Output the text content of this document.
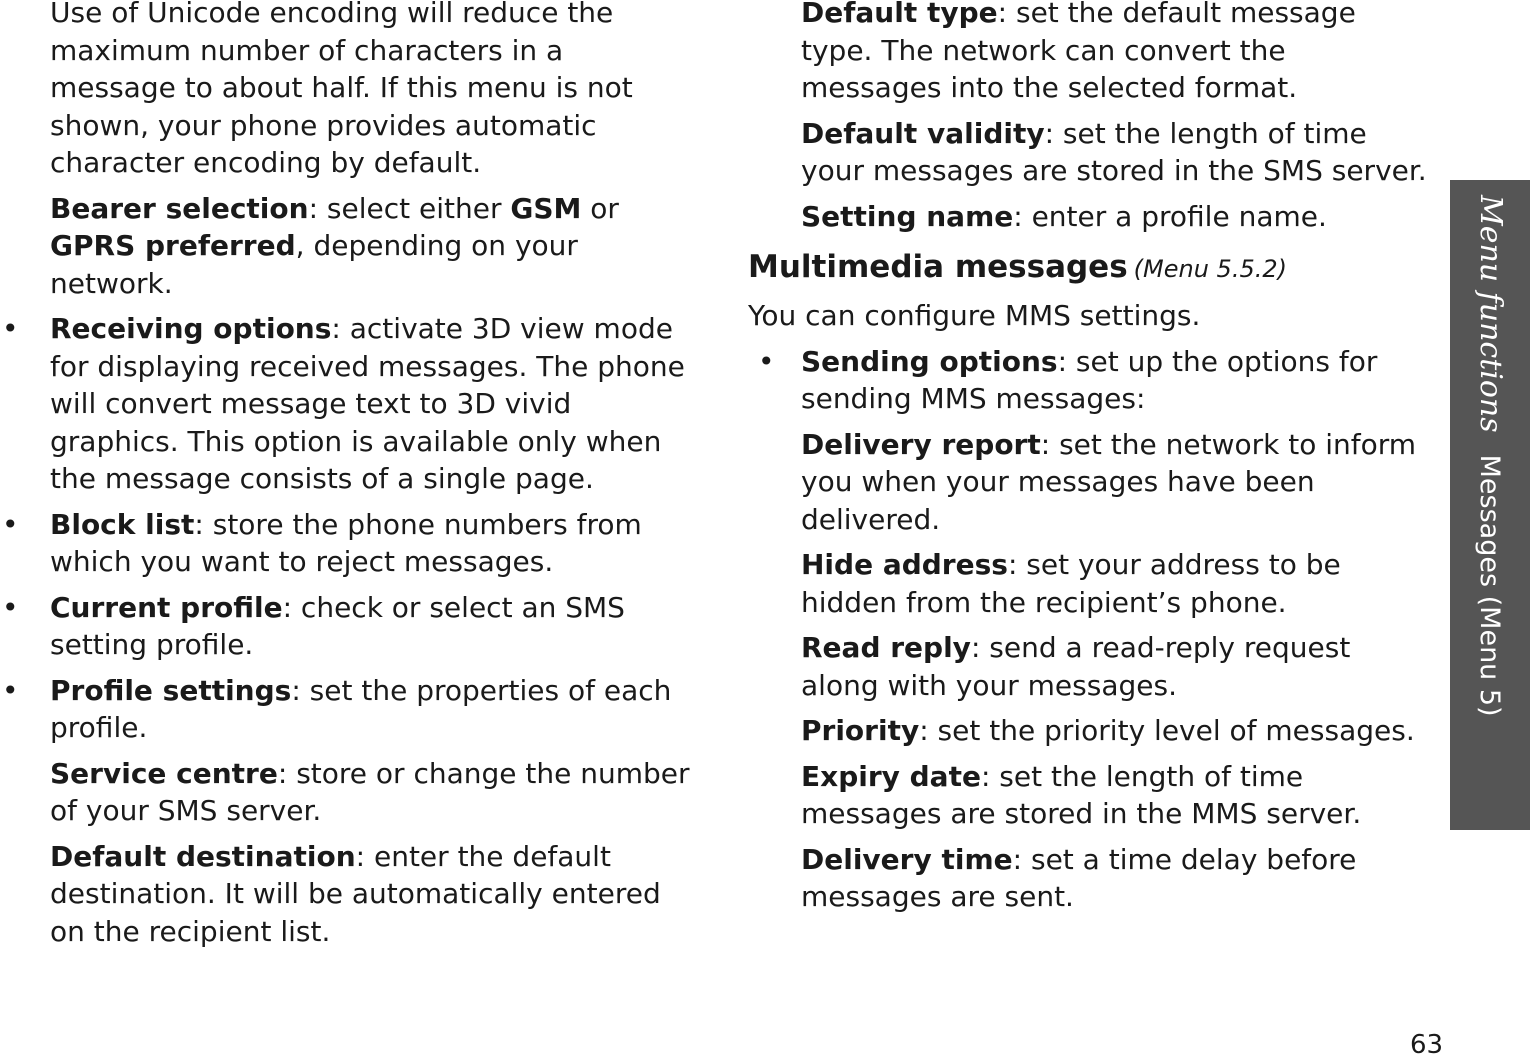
Use of Unicode encoding will reduce the maximum number of characters in a message to about half. If this menu is not shown, your phone provides automatic character encoding by default.

Bearer selection: select either GSM or GPRS preferred, depending on your network.

• Receiving options: activate 3D view mode for displaying received messages. The phone will convert message text to 3D vivid graphics. This option is available only when the message consists of a single page.

• Block list: store the phone numbers from which you want to reject messages.

• Current profile: check or select an SMS setting profile.

• Profile settings: set the properties of each profile.

Service centre: store or change the number of your SMS server.

Default destination: enter the default destination. It will be automatically entered on the recipient list.

Default type: set the default message type. The network can convert the messages into the selected format.

Default validity: set the length of time your messages are stored in the SMS server.

Setting name: enter a profile name.

Multimedia messages (Menu 5.5.2)

You can configure MMS settings.

• Sending options: set up the options for sending MMS messages:

Delivery report: set the network to inform you when your messages have been delivered.

Hide address: set your address to be hidden from the recipient’s phone.

Read reply: send a read-reply request along with your messages.

Priority: set the priority level of messages.

Expiry date: set the length of time messages are stored in the MMS server.

Delivery time: set a time delay before messages are sent.

Menu functionsMessages (Menu 5)
63
